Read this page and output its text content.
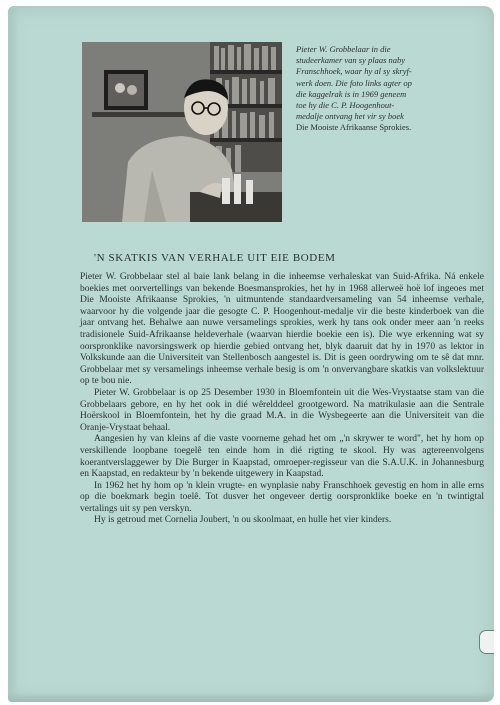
Pieter W. Grobbelaar in die
studeerkamer van sy plaas naby
Franschhoek, waar hy al sy skryf-
werk doen. Die foto links agter op
die kaggelrak is in 1969 geneem
toe hy die C. P. Hoogenhout-
medalje ontvang het vir sy boek
Die Mooiste Afrikaanse Sprokies.
'N SKATKIS VAN VERHALE UIT EIE BODEM

Pieter W. Grobbelaar stel al baie lank belang in die inheemse verhaleskat van Suid-Afrika. Ná enkele boekies met oorvertellings van bekende Boesmansprokies, het hy in 1968 allerweë hoë lof ingeoes met Die Mooiste Afrikaanse Sprokies, 'n uitmuntende standaardversameling van 54 inheemse verhale, waarvoor hy die volgende jaar die gesogte C. P. Hoogenhout-medalje vir die beste kinderboek van die jaar ontvang het. Behalwe aan nuwe versamelings sprokies, werk hy tans ook onder meer aan 'n reeks tradisionele Suid-Afrikaanse heldeverhale (waarvan hierdie boekie een is). Die wye erkenning wat sy oorspronklike navorsingswerk op hierdie gebied ontvang het, blyk daaruit dat hy in 1970 as lektor in Volkskunde aan die Universiteit van Stellenbosch aangestel is. Dit is geen oordrywing om te sê dat mnr. Grobbelaar met sy versamelings inheemse verhale besig is om 'n onvervangbare skatkis van volkslektuur op te bou nie.

Pieter W. Grobbelaar is op 25 Desember 1930 in Bloemfontein uit die Wes-Vrystaatse stam van die Grobbelaars gebore, en hy het ook in dié wêrelddeel grootgeword. Na matrikulasie aan die Sentrale Hoërskool in Bloemfontein, het hy die graad M.A. in die Wysbegeerte aan die Universiteit van die Oranje-Vrystaat behaal.

Aangesien hy van kleins af die vaste voorneme gehad het om „'n skrywer te word", het hy hom op verskillende loopbane toegelê ten einde hom in dié rigting te skool. Hy was agtereenvolgens koerantverslaggewer by Die Burger in Kaapstad, omroeper-regisseur van die S.A.U.K. in Johannesburg en Kaapstad, en redakteur by 'n bekende uitgewery in Kaapstad.

In 1962 het hy hom op 'n klein vrugte- en wynplasie naby Franschhoek gevestig en hom in alle erns op die boekmark begin toelê. Tot dusver het ongeveer dertig oorspronklike boeke en 'n twintigtal vertalings uit sy pen verskyn.

Hy is getroud met Cornelia Joubert, 'n ou skoolmaat, en hulle het vier kinders.
